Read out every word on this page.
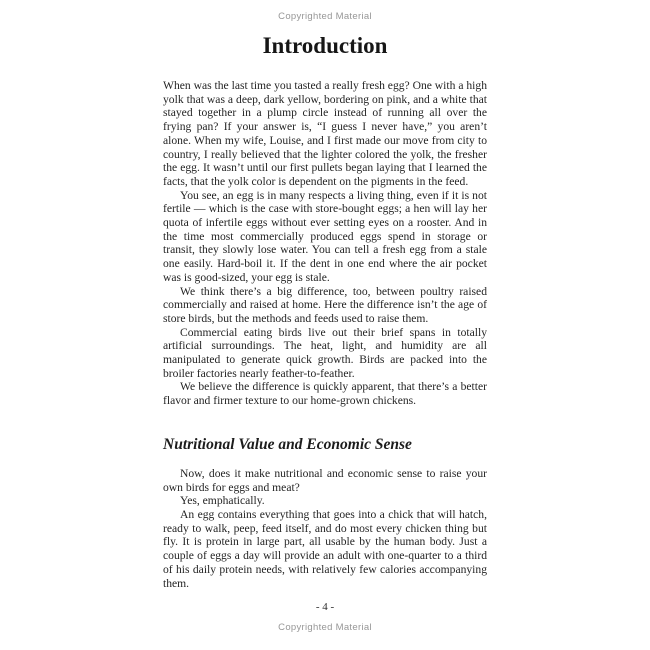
Copyrighted Material
Introduction

When was the last time you tasted a really fresh egg? One with a high yolk that was a deep, dark yellow, bordering on pink, and a white that stayed together in a plump circle instead of running all over the frying pan? If your answer is, “I guess I never have,” you aren’t alone. When my wife, Louise, and I first made our move from city to country, I really believed that the lighter colored the yolk, the fresher the egg. It wasn’t until our first pullets began laying that I learned the facts, that the yolk color is dependent on the pigments in the feed.

You see, an egg is in many respects a living thing, even if it is not fertile — which is the case with store-bought eggs; a hen will lay her quota of infertile eggs without ever setting eyes on a rooster. And in the time most commercially produced eggs spend in storage or transit, they slowly lose water. You can tell a fresh egg from a stale one easily. Hard-boil it. If the dent in one end where the air pocket was is good-sized, your egg is stale.

We think there’s a big difference, too, between poultry raised commercially and raised at home. Here the difference isn’t the age of store birds, but the methods and feeds used to raise them.

Commercial eating birds live out their brief spans in totally artificial surroundings. The heat, light, and humidity are all manipulated to generate quick growth. Birds are packed into the broiler factories nearly feather-to-feather.

We believe the difference is quickly apparent, that there’s a better flavor and firmer texture to our home-grown chickens.

Nutritional Value and Economic Sense

Now, does it make nutritional and economic sense to raise your own birds for eggs and meat?

Yes, emphatically.

An egg contains everything that goes into a chick that will hatch, ready to walk, peep, feed itself, and do most every chicken thing but fly. It is protein in large part, all usable by the human body. Just a couple of eggs a day will provide an adult with one-quarter to a third of his daily protein needs, with relatively few calories accompanying them.

- 4 -
Copyrighted Material
